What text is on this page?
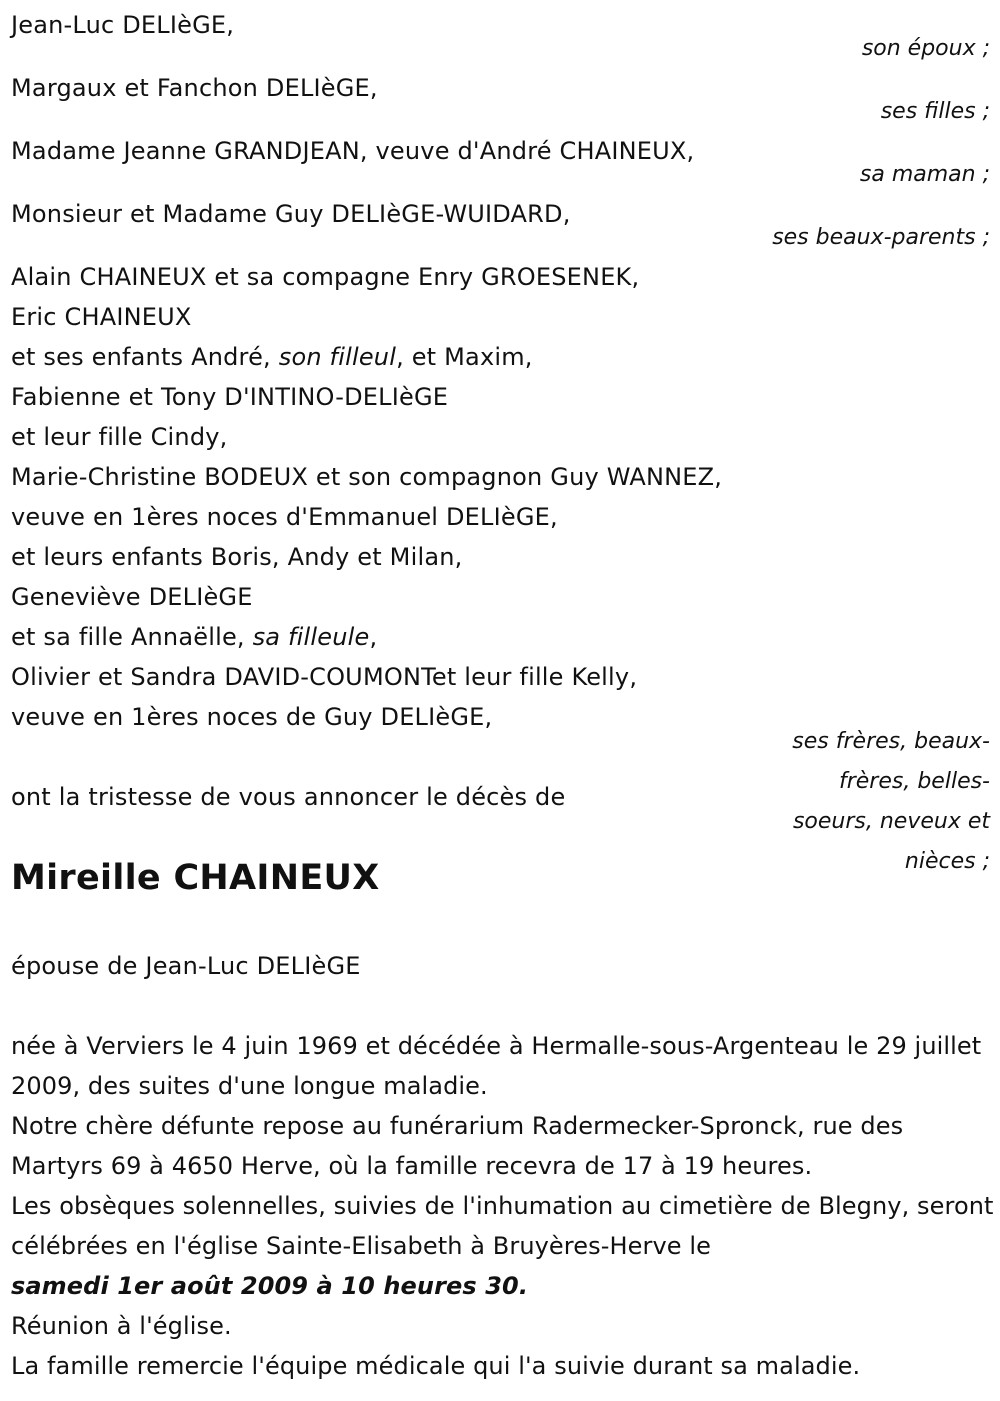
Jean-Luc DELIèGE,
son époux ;
Margaux et Fanchon DELIèGE,
ses filles ;
Madame Jeanne GRANDJEAN, veuve d'André CHAINEUX,
sa maman ;
Monsieur et Madame Guy DELIèGE-WUIDARD,
ses beaux-parents ;
Alain CHAINEUX et sa compagne Enry GROESENEK,
Eric CHAINEUX
et ses enfants André, son filleul, et Maxim,
Fabienne et Tony D'INTINO-DELIèGE
et leur fille Cindy,
Marie-Christine BODEUX et son compagnon Guy WANNEZ,
veuve en 1ères noces d'Emmanuel DELIèGE,
et leurs enfants Boris, Andy et Milan,
Geneviève DELIèGE
et sa fille Annaëlle, sa filleule,
Olivier et Sandra DAVID-COUMONTet leur fille Kelly,
veuve en 1ères noces de Guy DELIèGE,
ses frères, beaux-frères, belles-soeurs, neveux et nièces ;
ont la tristesse de vous annoncer le décès de
Mireille CHAINEUX
épouse de Jean-Luc DELIèGE

née à Verviers le 4 juin 1969 et décédée à Hermalle-sous-Argenteau le 29 juillet 2009, des suites d'une longue maladie.

Notre chère défunte repose au funérarium Radermecker-Spronck, rue des Martyrs 69 à 4650 Herve, où la famille recevra de 17 à 19 heures.

Les obsèques solennelles, suivies de l'inhumation au cimetière de Blegny, seront célébrées en l'église Sainte-Elisabeth à Bruyères-Herve le

samedi 1er août 2009 à 10 heures 30.

Réunion à l'église.

La famille remercie l'équipe médicale qui l'a suivie durant sa maladie.
